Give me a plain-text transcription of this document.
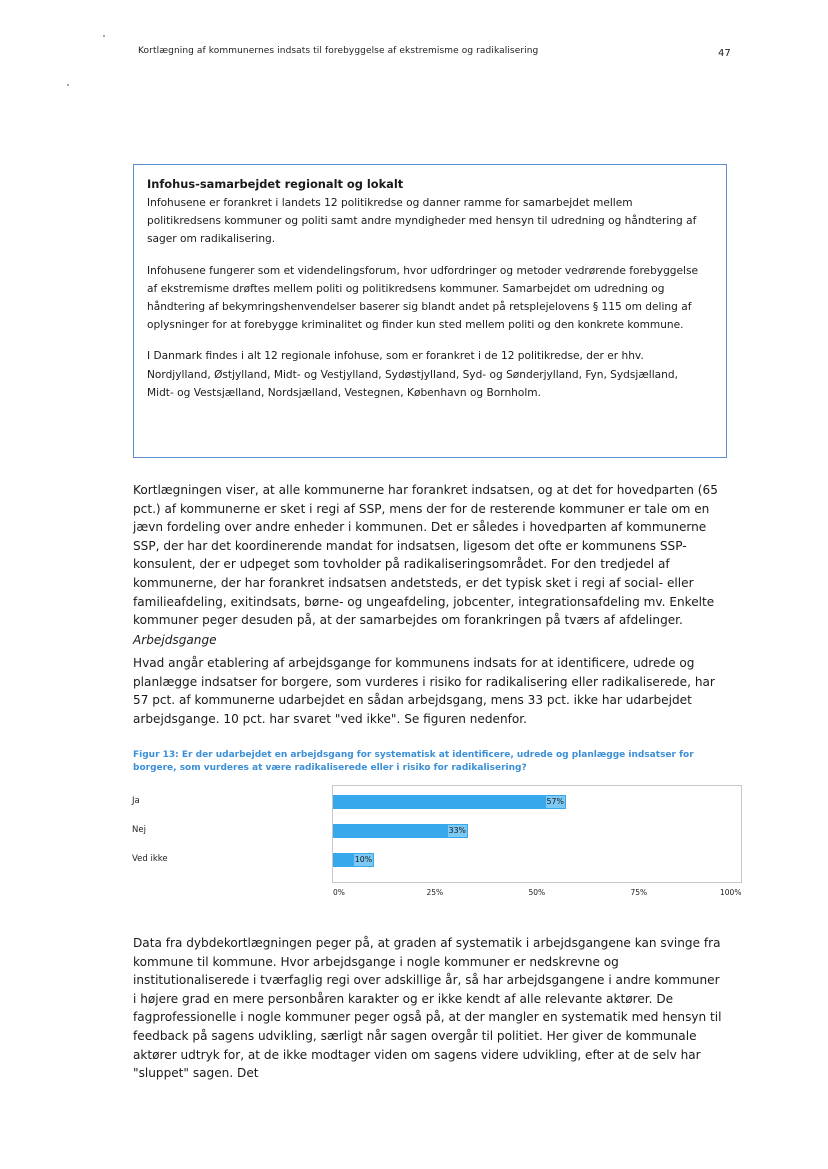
Kortlægning af kommunernes indsats til forebyggelse af ekstremisme og radikalisering	47
Infohus-samarbejdet regionalt og lokalt

Infohusene er forankret i landets 12 politikredse og danner ramme for samarbejdet mellem politikredsens kommuner og politi samt andre myndigheder med hensyn til udredning og håndtering af sager om radikalisering.

Infohusene fungerer som et videndelingsforum, hvor udfordringer og metoder vedrørende forebyggelse af ekstremisme drøftes mellem politi og politikredsens kommuner. Samarbejdet om udredning og håndtering af bekymringshenvendelser baserer sig blandt andet på retsplejelovens § 115 om deling af oplysninger for at forebygge kriminalitet og finder kun sted mellem politi og den konkrete kommune.

I Danmark findes i alt 12 regionale infohuse, som er forankret i de 12 politikredse, der er hhv. Nordjylland, Østjylland, Midt- og Vestjylland, Sydøstjylland, Syd- og Sønderjylland, Fyn, Sydsjælland, Midt- og Vestsjælland, Nordsjælland, Vestegnen, København og Bornholm.

Kortlægningen viser, at alle kommunerne har forankret indsatsen, og at det for hovedparten (65 pct.) af kommunerne er sket i regi af SSP, mens der for de resterende kommuner er tale om en jævn fordeling over andre enheder i kommunen. Det er således i hovedparten af kommunerne SSP, der har det koordinerende mandat for indsatsen, ligesom det ofte er kommunens SSP-konsulent, der er udpeget som tovholder på radikaliseringsområdet. For den tredjedel af kommunerne, der har forankret indsatsen andetsteds, er det typisk sket i regi af social- eller familieafdeling, exitindsats, børne- og ungeafdeling, jobcenter, integrationsafdeling mv. Enkelte kommuner peger desuden på, at der samarbejdes om forankringen på tværs af afdelinger.

Arbejdsgange

Hvad angår etablering af arbejdsgange for kommunens indsats for at identificere, udrede og planlægge indsatser for borgere, som vurderes i risiko for radikalisering eller radikaliserede, har 57 pct. af kommunerne udarbejdet en sådan arbejdsgang, mens 33 pct. ikke har udarbejdet arbejdsgange. 10 pct. har svaret "ved ikke". Se figuren nedenfor.

Figur 13: Er der udarbejdet en arbejdsgang for systematisk at identificere, udrede og planlægge indsatser for borgere, som vurderes at være radikaliserede eller i risiko for radikalisering?

Ja	57%
Nej	33%
Ved ikke	10%
0%	25%	50%	75%	100%

Data fra dybdekortlægningen peger på, at graden af systematik i arbejdsgangene kan svinge fra kommune til kommune. Hvor arbejdsgange i nogle kommuner er nedskrevne og institutionaliserede i tværfaglig regi over adskillige år, så har arbejdsgangene i andre kommuner i højere grad en mere personbåren karakter og er ikke kendt af alle relevante aktører. De fagprofessionelle i nogle kommuner peger også på, at der mangler en systematik med hensyn til feedback på sagens udvikling, særligt når sagen overgår til politiet. Her giver de kommunale aktører udtryk for, at de ikke modtager viden om sagens videre udvikling, efter at de selv har "sluppet" sagen. Det
